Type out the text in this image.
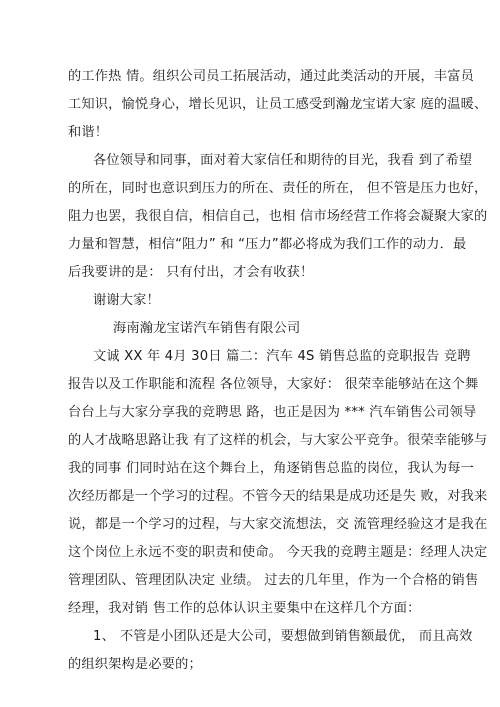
的工作热 情。组织公司员工拓展活动，通过此类活动的开展，丰富员
工知识，愉悦身心，增长见识，让员工感受到瀚龙宝诺大家 庭的温暖、
和谐！
各位领导和同事，面对着大家信任和期待的目光，我看 到了希望
的所在，同时也意识到压力的所在、责任的所在， 但不管是压力也好，
阻力也罢，我很自信，相信自己，也相 信市场经营工作将会凝聚大家的
力量和智慧，相信“阻力” 和 “压力”都必将成为我们工作的动力．最
后我要讲的是： 只有付出，才会有收获！
谢谢大家！
海南瀚龙宝诺汽车销售有限公司
文诚 XX 年 4月 30日 篇二：汽车 4S 销售总监的竞职报告 竞聘
报告以及工作职能和流程 各位领导，大家好： 很荣幸能够站在这个舞
台台上与大家分享我的竞聘思 路，也正是因为 *** 汽车销售公司领导
的人才战略思路让我 有了这样的机会，与大家公平竞争。很荣幸能够与
我的同事 们同时站在这个舞台上，角逐销售总监的岗位，我认为每一
次经历都是一个学习的过程。不管今天的结果是成功还是失 败，对我来
说，都是一个学习的过程，与大家交流想法，交 流管理经验这才是我在
这个岗位上永远不变的职责和使命。 今天我的竞聘主题是：经理人决定
管理团队、管理团队决定 业绩。 过去的几年里，作为一个合格的销售
经理，我对销 售工作的总体认识主要集中在这样几个方面：
1、 不管是小团队还是大公司，要想做到销售额最优， 而且高效
的组织架构是必要的；
